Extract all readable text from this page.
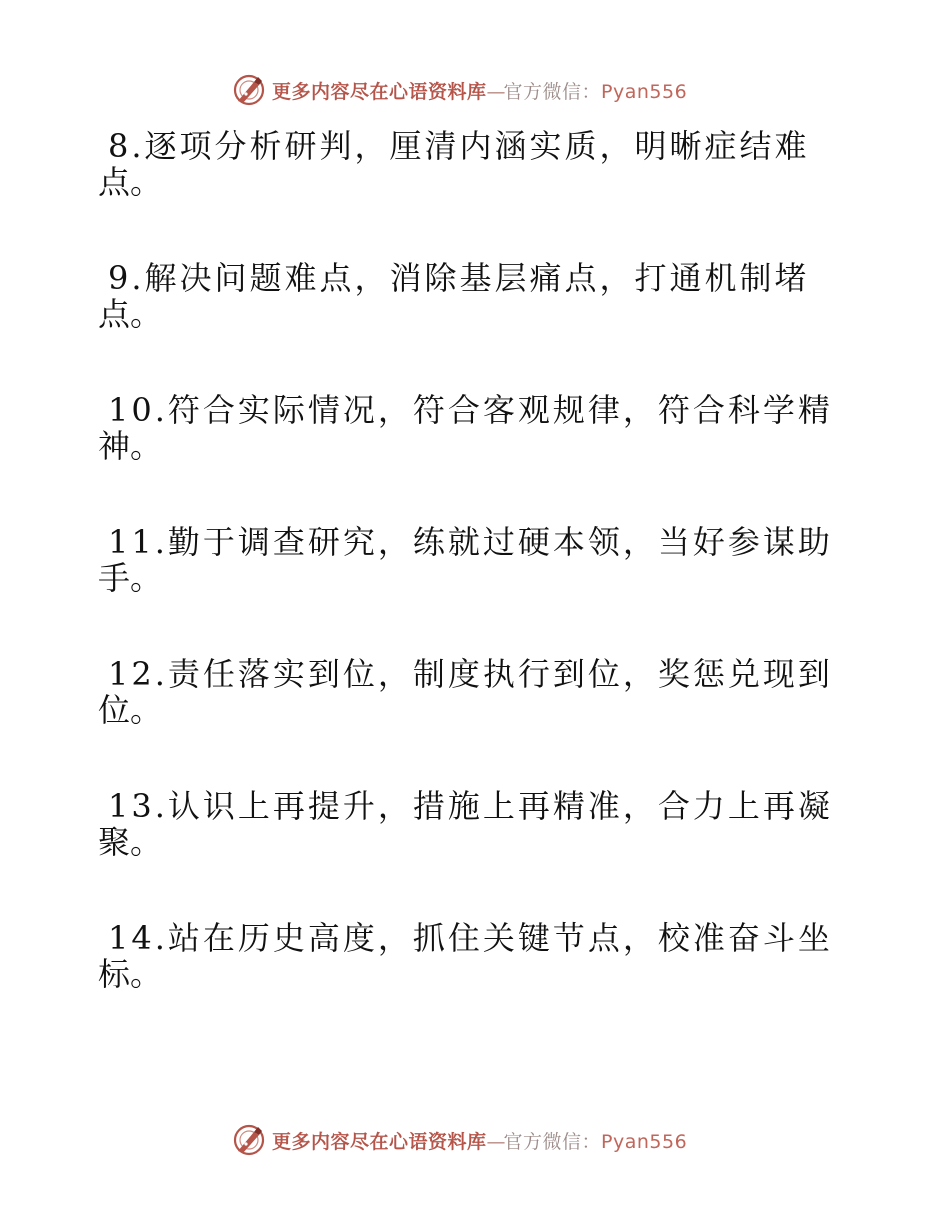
更多内容尽在心语资料库—官方微信：Pyan556
8.逐项分析研判，厘清内涵实质，明晰症结难
点。
9.解决问题难点，消除基层痛点，打通机制堵
点。
10.符合实际情况，符合客观规律，符合科学精
神。
11.勤于调查研究，练就过硬本领，当好参谋助
手。
12.责任落实到位，制度执行到位，奖惩兑现到
位。
13.认识上再提升，措施上再精准，合力上再凝
聚。
14.站在历史高度，抓住关键节点，校准奋斗坐
标。
更多内容尽在心语资料库—官方微信：Pyan556
